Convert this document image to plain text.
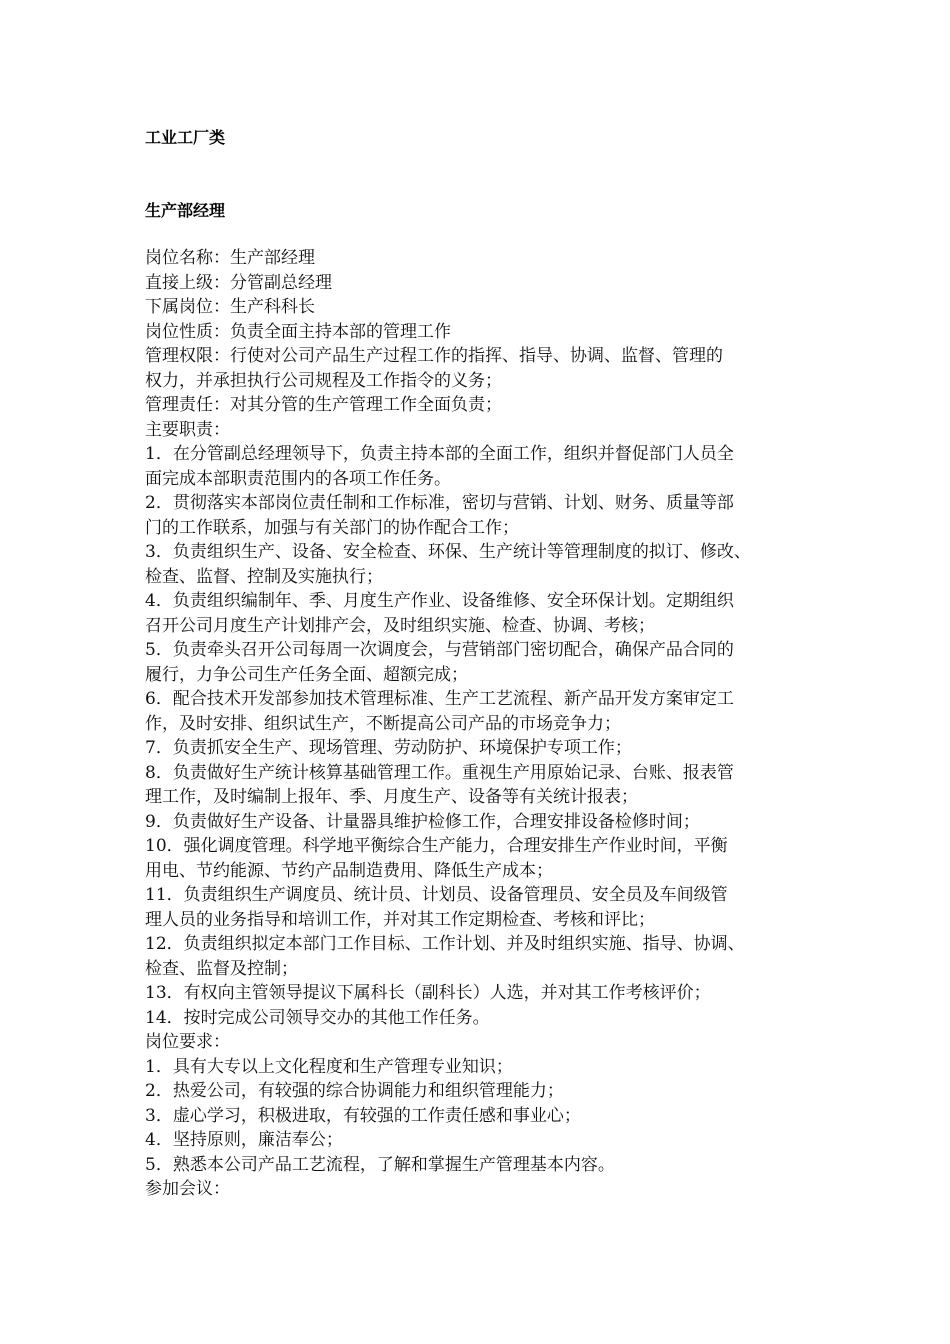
工业工厂类
生产部经理
岗位名称：生产部经理
直接上级：分管副总经理
下属岗位：生产科科长
岗位性质：负责全面主持本部的管理工作
管理权限：行使对公司产品生产过程工作的指挥、指导、协调、监督、管理的
权力，并承担执行公司规程及工作指令的义务；
管理责任：对其分管的生产管理工作全面负责；
主要职责：
1．在分管副总经理领导下，负责主持本部的全面工作，组织并督促部门人员全
面完成本部职责范围内的各项工作任务。
2．贯彻落实本部岗位责任制和工作标准，密切与营销、计划、财务、质量等部
门的工作联系，加强与有关部门的协作配合工作；
3．负责组织生产、设备、安全检查、环保、生产统计等管理制度的拟订、修改、
检查、监督、控制及实施执行；
4．负责组织编制年、季、月度生产作业、设备维修、安全环保计划。定期组织
召开公司月度生产计划排产会，及时组织实施、检查、协调、考核；
5．负责牵头召开公司每周一次调度会，与营销部门密切配合，确保产品合同的
履行，力争公司生产任务全面、超额完成；
6．配合技术开发部参加技术管理标准、生产工艺流程、新产品开发方案审定工
作，及时安排、组织试生产，不断提高公司产品的市场竞争力；
7．负责抓安全生产、现场管理、劳动防护、环境保护专项工作；
8．负责做好生产统计核算基础管理工作。重视生产用原始记录、台账、报表管
理工作，及时编制上报年、季、月度生产、设备等有关统计报表；
9．负责做好生产设备、计量器具维护检修工作，合理安排设备检修时间；
10．强化调度管理。科学地平衡综合生产能力，合理安排生产作业时间，平衡
用电、节约能源、节约产品制造费用、降低生产成本；
11．负责组织生产调度员、统计员、计划员、设备管理员、安全员及车间级管
理人员的业务指导和培训工作，并对其工作定期检查、考核和评比；
12．负责组织拟定本部门工作目标、工作计划、并及时组织实施、指导、协调、
检查、监督及控制；
13．有权向主管领导提议下属科长（副科长）人选，并对其工作考核评价；
14．按时完成公司领导交办的其他工作任务。
岗位要求：
1．具有大专以上文化程度和生产管理专业知识；
2．热爱公司，有较强的综合协调能力和组织管理能力；
3．虚心学习，积极进取，有较强的工作责任感和事业心；
4．坚持原则，廉洁奉公；
5．熟悉本公司产品工艺流程，了解和掌握生产管理基本内容。
参加会议：
